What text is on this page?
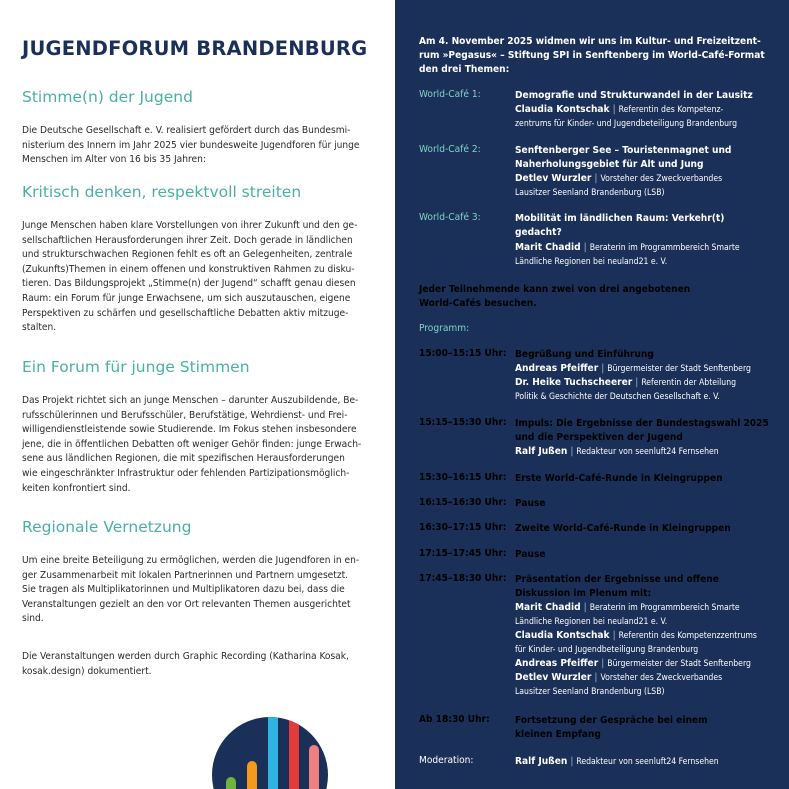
JUGENDFORUM BRANDENBURG
Stimme(n) der Jugend
Die Deutsche Gesellschaft e. V. realisiert gefördert durch das Bundesmi-
nisterium des Innern im Jahr 2025 vier bundesweite Jugendforen für junge
Menschen im Alter von 16 bis 35 Jahren:
Kritisch denken, respektvoll streiten
Junge Menschen haben klare Vorstellungen von ihrer Zukunft und den ge-
sellschaftlichen Herausforderungen ihrer Zeit. Doch gerade in ländlichen
und strukturschwachen Regionen fehlt es oft an Gelegenheiten, zentrale
(Zukunfts)Themen in einem offenen und konstruktiven Rahmen zu disku-
tieren. Das Bildungsprojekt „Stimme(n) der Jugend“ schafft genau diesen
Raum: ein Forum für junge Erwachsene, um sich auszutauschen, eigene
Perspektiven zu schärfen und gesellschaftliche Debatten aktiv mitzuge-
stalten.
Ein Forum für junge Stimmen
Das Projekt richtet sich an junge Menschen – darunter Auszubildende, Be-
rufsschülerinnen und Berufsschüler, Berufstätige, Wehrdienst- und Frei-
willigendienstleistende sowie Studierende. Im Fokus stehen insbesondere
jene, die in öffentlichen Debatten oft weniger Gehör finden: junge Erwach-
sene aus ländlichen Regionen, die mit spezifischen Herausforderungen
wie eingeschränkter Infrastruktur oder fehlenden Partizipationsmöglich-
keiten konfrontiert sind.
Regionale Vernetzung
Um eine breite Beteiligung zu ermöglichen, werden die Jugendforen in en-
ger Zusammenarbeit mit lokalen Partnerinnen und Partnern umgesetzt.
Sie tragen als Multiplikatorinnen und Multiplikatoren dazu bei, dass die
Veranstaltungen gezielt an den vor Ort relevanten Themen ausgerichtet
sind.
Die Veranstaltungen werden durch Graphic Recording (Katharina Kosak,
kosak.design) dokumentiert.
Am 4. November 2025 widmen wir uns im Kultur- und Freizeitzent-
rum »Pegasus« – Stiftung SPI in Senftenberg im World-Café-Format
den drei Themen:
World-Café 1:	Demografie und Strukturwandel in der Lausitz
Claudia Kontschak | Referentin des Kompetenz-
zentrums für Kinder- und Jugendbeteiligung Brandenburg
World-Café 2:	Senftenberger See – Touristenmagnet und
Naherholungsgebiet für Alt und Jung
Detlev Wurzler | Vorsteher des Zweckverbandes
Lausitzer Seenland Brandenburg (LSB)
World-Café 3:	Mobilität im ländlichen Raum: Verkehr(t)
gedacht?
Marit Chadid | Beraterin im Programmbereich Smarte
Ländliche Regionen bei neuland21 e. V.
Jeder Teilnehmende kann zwei von drei angebotenen
World-Cafés besuchen.
Programm:
15:00–15:15 Uhr: Begrüßung und Einführung
Andreas Pfeiffer | Bürgermeister der Stadt Senftenberg
Dr. Heike Tuchscheerer | Referentin der Abteilung
Politik & Geschichte der Deutschen Gesellschaft e. V.
15:15–15:30 Uhr: Impuls: Die Ergebnisse der Bundestagswahl 2025
und die Perspektiven der Jugend
Ralf Jußen | Redakteur von seenluft24 Fernsehen
15:30–16:15 Uhr: Erste World-Café-Runde in Kleingruppen
16:15–16:30 Uhr: Pause
16:30–17:15 Uhr: Zweite World-Café-Runde in Kleingruppen
17:15–17:45 Uhr: Pause
17:45–18:30 Uhr: Präsentation der Ergebnisse und offene
Diskussion im Plenum mit:
Marit Chadid | Beraterin im Programmbereich Smarte
Ländliche Regionen bei neuland21 e. V.
Claudia Kontschak | Referentin des Kompetenzzentrums
für Kinder- und Jugendbeteiligung Brandenburg
Andreas Pfeiffer | Bürgermeister der Stadt Senftenberg
Detlev Wurzler | Vorsteher des Zweckverbandes
Lausitzer Seenland Brandenburg (LSB)
Ab 18:30 Uhr:	Fortsetzung der Gespräche bei einem
kleinen Empfang
Moderation:	Ralf Jußen | Redakteur von seenluft24 Fernsehen
